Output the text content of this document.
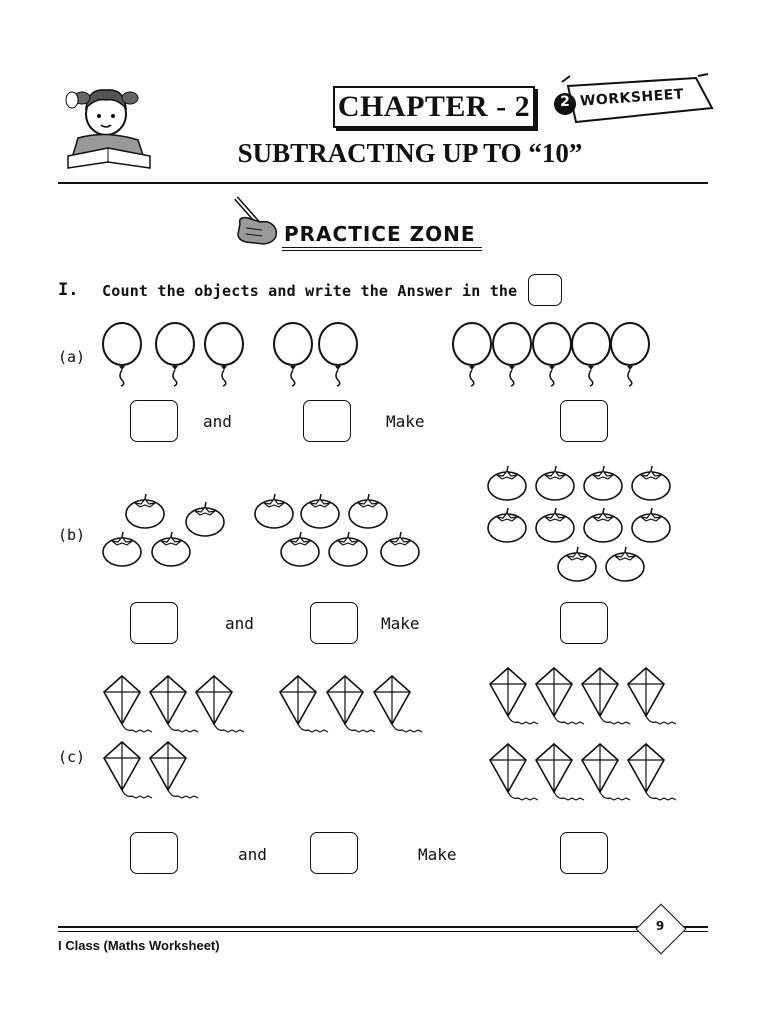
CHAPTER - 2	2 WORKSHEET
SUBTRACTING UP TO “10”
PRACTICE ZONE
I. Count the objects and write the Answer in the
(a)
(b)
(c)
and	Make
and	Make
and	Make
9
I Class (Maths Worksheet)
